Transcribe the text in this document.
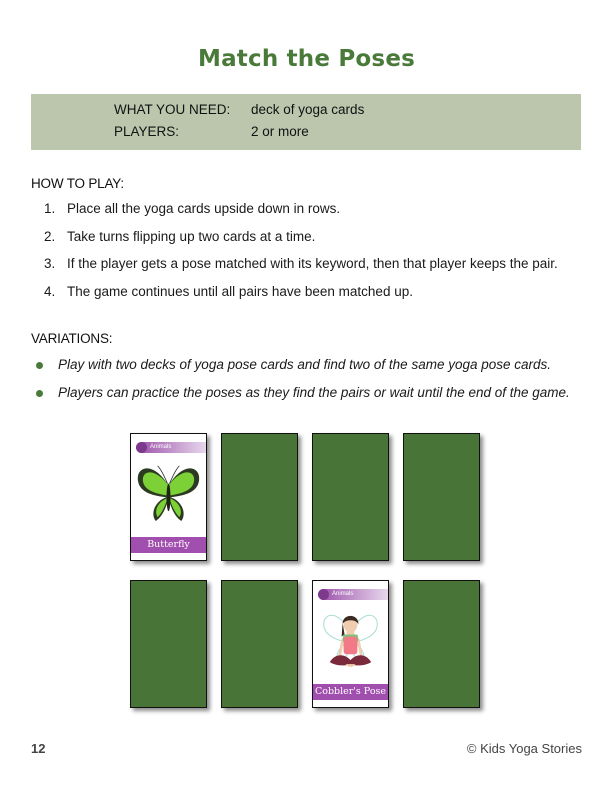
Match the Poses
WHAT YOU NEED: deck of yoga cards
PLAYERS:	2 or more
HOW TO PLAY:
1. Place all the yoga cards upside down in rows.
2. Take turns flipping up two cards at a time.
3. If the player gets a pose matched with its keyword, then that player keeps the pair.
4. The game continues until all pairs have been matched up.
VARIATIONS:
Play with two decks of yoga pose cards and find two of the same yoga pose cards.
Players can practice the poses as they find the pairs or wait until the end of the game.
Animals
Butterfly
Animals
Cobbler's Pose
12	© Kids Yoga Stories
